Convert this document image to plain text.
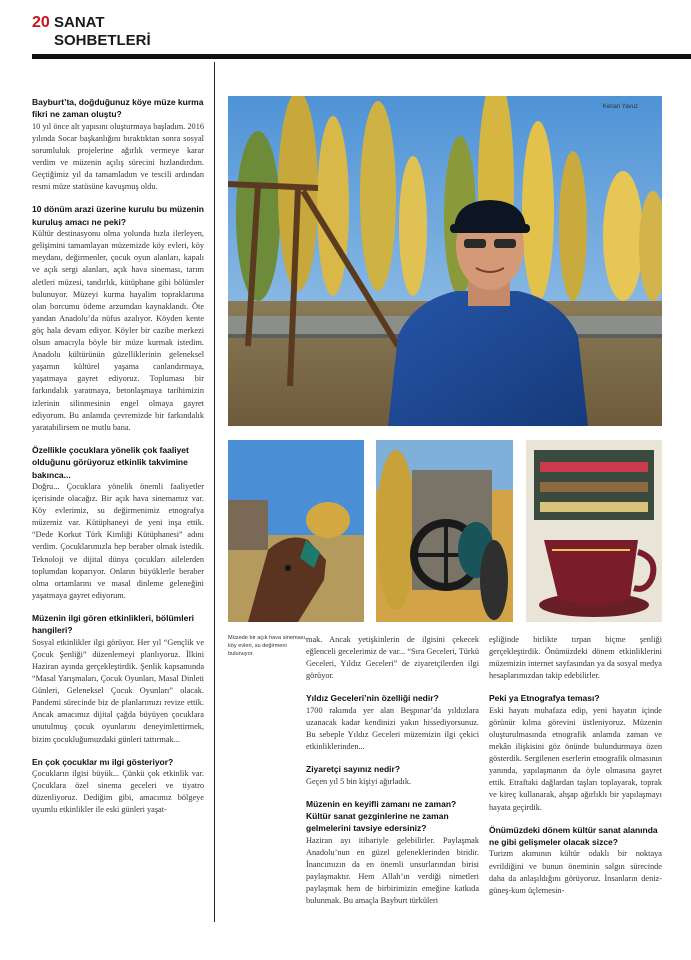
20 SANAT
SOHBETLERİ

Bayburt’ta, doğduğunuz köye müze kurma fikri ne zaman oluştu?

10 yıl önce alt yapısını oluşturmaya başladım. 2016 yılında Socar başkanlığını bıraktıktan sonra sosyal sorumluluk projelerine ağırlık vermeye karar verdim ve müzenin açılış sürecini hızlandırdım. Geçtiğimiz yıl da tamamladım ve tescili ardından resmi müze statüsüne kavuşmuş oldu.

10 dönüm arazi üzerine kurulu bu müzenin kuruluş amacı ne peki?

Kültür destinasyonu olma yolunda hızla ilerleyen, gelişimini tamamlayan müzemizde köy evleri, köy meydanı, değirmenler, çocuk oyun alanları, kapalı ve açık sergi alanları, açık hava sineması, tarım aletleri müzesi, tandırlık, kütüphane gibi bölümler bulunuyor. Müzeyi kurma hayalim topraklarıma olan borcumu ödeme arzumdan kaynaklandı. Öte yandan Anadolu’da nüfus azalıyor. Köyden kente göç hala devam ediyor. Köyler bir cazibe merkezi olsun amacıyla böyle bir müze kurmak istedim. Anadolu kültürünün güzelliklerinin geleneksel yaşamın kültürel yaşama canlandırmaya, yaşatmaya gayret ediyoruz. Topluması bir farkındalık yaratmaya, betonlaşmaya tarihimizin izlerinin silinmesinin engel olmaya gayret ediyorum. Bu anlamda çevremizde bir farkındalık yaratabilirsem ne mutlu bana.

Özellikle çocuklara yönelik çok faaliyet olduğunu görüyoruz etkinlik takvimine bakınca...

Doğru... Çocuklara yönelik önemli faaliyetler içerisinde olacağız. Bir açık hava sinemamız var. Köy evlerimiz, su değirmenimiz etnografya müzemiz var. Kütüphaneyi de yeni inşa ettik. “Dede Korkut Türk Kimliği Kütüphanesi” adını verdim. Çocuklarımızla hep beraber olmak istedik. Teknoloji ve dijital dünya çocukları ailelerden toplumdan koparıyor. Onların büyüklerle beraber olma ortamlarını ve masal dinleme geleneğini yaşatmaya gayret ediyorum.

Müzenin ilgi gören etkinlikleri, bölümleri hangileri?

Sosyal etkinlikler ilgi görüyor. Her yıl “Gençlik ve Çocuk Şenliği” düzenlemeyi planlıyoruz. İlkini Haziran ayında gerçekleştirdik. Şenlik kapsamında “Masal Yarışmaları, Çocuk Oyunları, Masal Dinleti Günleri, Geleneksel Çocuk Oyunları” olacak. Pandemi sürecinde biz de planlarımızı revize ettik. Ancak amacımız dijital çağda büyüyen çocuklara unutulmuş çocuk oyunlarını deneyimlettirmek, bizim çocukluğumuzdaki günleri tattırmak...

En çok çocuklar mı ilgi gösteriyor?

Çocukların ilgisi büyük... Çünkü çok etkinlik var. Çocuklara özel sinema geceleri ve tiyatro düzenliyoruz. Dediğim gibi, amacımız bölgeye uyumlu etkinlikler ile eski günleri yaşat-

Kenan Yavuz
Müzede bir açık hava sineması, köy evleri, su değirmeni bulunuyor.

mak. Ancak yetişkinlerin de ilgisini çekecek eğlenceli gecelerimiz de var... “Sıra Geceleri, Türkü Geceleri, Yıldız Geceleri” de ziyaretçilerden ilgi görüyor.

Yıldız Geceleri’nin özelliği nedir?

1700 rakımda yer alan Beşpınar’da yıldızlara uzanacak kadar kendinizi yakın hissediyorsunuz. Bu sebeple Yıldız Geceleri müzemizin ilgi çekici etkinliklerinden...

Ziyaretçi sayınız nedir?

Geçen yıl 5 bin kişiyi ağırladık.

Müzenin en keyifli zamanı ne zaman? Kültür sanat gezginlerine ne zaman gelmelerini tavsiye edersiniz?

Haziran ayı itibariyle gelebilirler. Paylaşmak Anadolu’nun en güzel geleneklerinden biridir. İnancımızın da en önemli unsurlarından birisi paylaşmaktır. Hem Allah’ın verdiği nimetleri paylaşmak hem de birbirimizin emeğine katkıda bulunmak. Bu amaçla Bayburt türküleri

eşliğinde birlikte tırpan biçme şenliği gerçekleştirdik. Önümüzdeki dönem etkinliklerini müzemizin internet sayfasından ya da sosyal medya hesaplarımızdan takip edebilirler.

Peki ya Etnografya teması?

Eski hayatı muhafaza edip, yeni hayatın içinde görünür kılma görevini üstleniyoruz. Müzenin oluşturulmasında etnografik anlamda zaman ve mekân ilişkisini göz önünde bulundurmaya özen gösterdik. Sergilenen eserlerin etnografik olmasının yanında, yapılaşmanın da öyle olmasına gayret ettik. Etraftaki dağlardan taşları toplayarak, toprak ve kireç kullanarak, ahşap ağırlıklı bir yapılaşmayı hayata geçirdik.

Önümüzdeki dönem kültür sanat alanında ne gibi gelişmeler olacak sizce?

Turizm akımının kültür odaklı bir noktaya evrildiğini ve bunun öneminin salgın sürecinde daha da anlaşıldığını görüyoruz. İnsanların deniz- güneş-kum üçlemesin-
